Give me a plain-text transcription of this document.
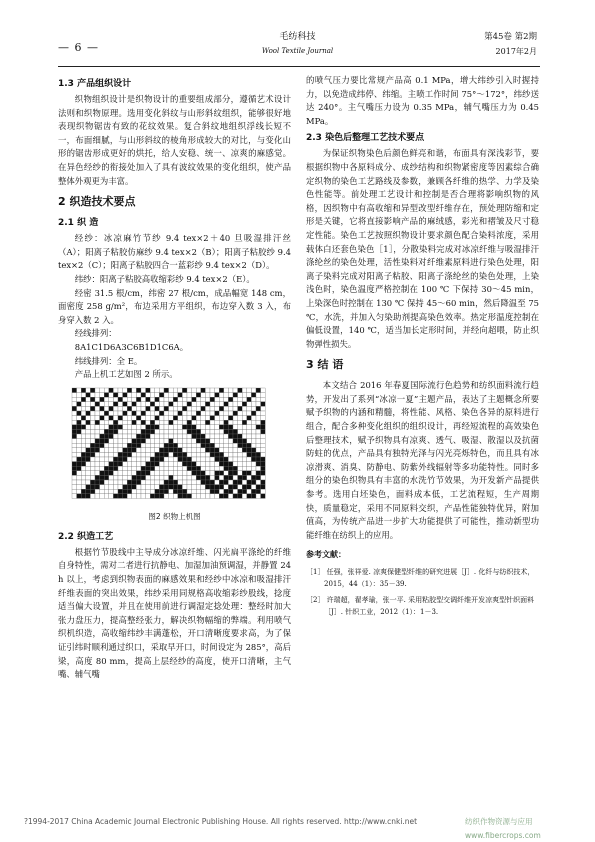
— 6 —
毛纺科技
Wool Textile Journal
第45卷 第2期
2017年2月
1.3 产品组织设计

织物组织设计是织物设计的重要组成部分，遵循艺术设计法则和织物原理。选用变化斜纹与山形斜纹组织，能够很好地表现织物锯齿有致的花纹效果。复合斜纹地组织浮线长短不一，布面细腻，与山形斜纹的棱角形成较大的对比，与变化山形的锯齿形成更好的烘托，给人安稳、统一、凉爽的麻感觉。在异色经纱的衔接处加入了具有波纹效果的变化组织，使产品整体外观更为丰富。

2 织造技术要点
2.1 织 造

经纱：冰凉麻竹节纱 9.4 tex×2＋40 旦吸湿排汗丝（A）；阳离子粘胶仿麻纱 9.4 tex×2（B）；阳离子粘胶纱 9.4 tex×2（C）；阳离子粘胶四合一蓝彩纱 9.4 tex×2（D）。

纬纱：阳离子粘胶高收缩彩纱 9.4 tex×2（E）。

经密 31.5 根/cm，纬密 27 根/cm，成品幅宽 148 cm，面密度 258 g/m²，布边采用方平组织，布边穿入数 3 入，布身穿入数 2 入。

经线排列：

8A1C1D6A3C6B1D1C6A。

纬线排列：全 E。

产品上机工艺如图 2 所示。

图2 织物上机图
2.2 织造工艺

根据竹节股线中主导成分冰凉纤维、闪光扁平涤纶的纤维自身特性，需对二者进行抗静电、加湿加油预调湿，并静置 24 h 以上，考虑到织物表面的麻感效果和经纱中冰凉和吸湿排汗纤维表面的突出效果，纬纱采用同规格高收缩彩纱股线，捻度适当偏大设置，并且在使用前进行调湿定捻处理：整经时加大张力盘压力，提高整经张力，解决织物幅缩的弊端。利用喷气织机织造，高收缩纬纱丰满蓬松，开口清晰度要求高，为了保证引纬时顺利通过织口，采取早开口，时间设定为 285°，高后梁，高度 80 mm，提高上层经纱的高度，使开口清晰，主气嘴、辅气嘴

的喷气压力要比常规产品高 0.1 MPa，增大纬纱引入时握持力，以免造成纬停、纬缩。主喷工作时间 75°～172°，纬纱送达 240°。主气嘴压力设为 0.35 MPa，辅气嘴压力为 0.45 MPa。

2.3 染色后整理工艺技术要点

为保证织物染色后颜色鲜亮和谐，布面具有深浅彩节，要根据织物中各原料成分、成纱结构和织物紧密度等因素综合确定织物的染色工艺路线及参数，兼顾各纤维的热学、力学及染色性能等。前处理工艺设计和控制是否合理将影响织物的风格，因织物中有高收缩和异型改型纤维存在，预处理防缩和定形是关键，它将直接影响产品的麻绒感，彩光和褶皱及尺寸稳定性能。染色工艺按照织物设计要求颜色配合染料浓度，采用载体白还套色染色［1］，分散染料完成对冰凉纤维与吸湿排汗涤纶丝的染色处理，活性染料对纤维素原料进行染色处理，阳离子染料完成对阳离子粘胶、阳离子涤纶丝的染色处理，上染浅色时，染色温度严格控制在 100 ℃ 下保持 30～45 min，上染深色时控制在 130 ℃ 保持 45～60 min，然后降温至 75 ℃，水洗，并加入匀染助剂提高染色效率。热定形温度控制在偏低设置，140 ℃，适当加长定形时间，并经向超喂，防止织物弹性损失。

3 结 语

本文结合 2016 年春夏国际流行色趋势和纺织面料流行趋势，开发出了系列“冰凉一夏”主题产品，表达了主题概念所要赋予织物的内涵和精髓，将性能、风格、染色各异的原料进行组合，配合多种变化组织的组织设计，再经短流程的高效染色后整理技术，赋予织物具有凉爽、透气、吸湿、散湿以及抗菌防蛀的优点，产品具有独特光泽与闪光亮烁特色，而且具有冰凉滑爽、消臭、防静电、防紫外线辐射等多功能特性。同时多组分的染色织物具有丰富的水洗竹节效果，为开发新产品提供参考。选用白坯染色，面料成本低，工艺流程短，生产周期快，质量稳定，采用不同原料交织，产品性能独特优异，附加值高，为传统产品进一步扩大功能提供了可能性，推动新型功能纤维在纺织上的应用。

参考文献：

［1］ 任强，张祥爱. 凉爽保健型纤维的研究进展［J］. 化纤与纺织技术，2015，44（1）：35－39.
［2］ 许瑞超，翟孝瑜，张一平. 采用粘胶型交调纤维开发凉爽型针织面料［J］. 针织工业，2012（1）：1－3.
?1994-2017 China Academic Journal Electronic Publishing House. All rights reserved. http://www.cnki.net	纺织作物资源与应用 www.fibercrops.com
